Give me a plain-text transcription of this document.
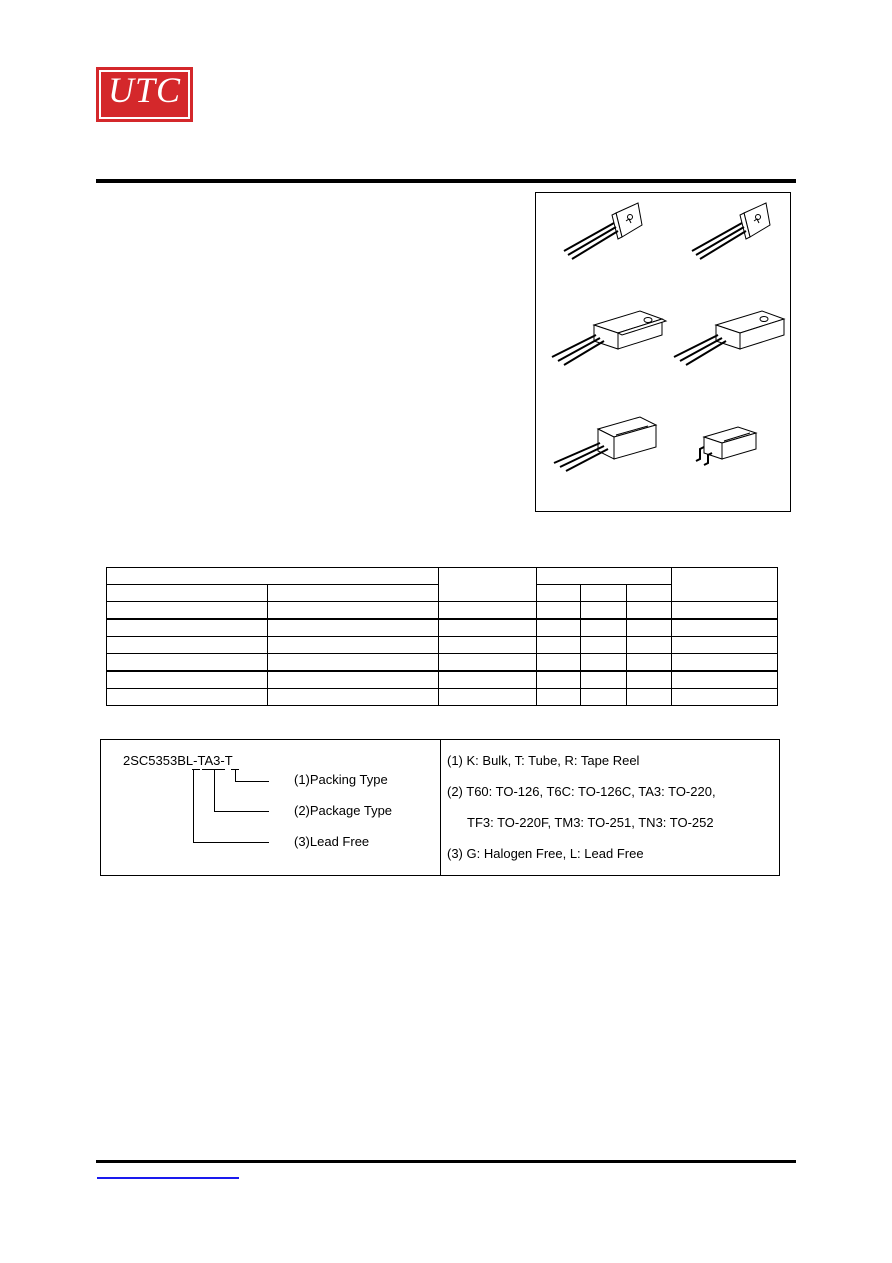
UTC

2SC5353BL-TA3-T
(1)Packing Type
(2)Package Type
(3)Lead Free
(1) K: Bulk, T: Tube, R: Tape Reel
(2) T60: TO-126, T6C: TO-126C, TA3: TO-220,
TF3: TO-220F, TM3: TO-251, TN3: TO-252
(3) G: Halogen Free, L: Lead Free
